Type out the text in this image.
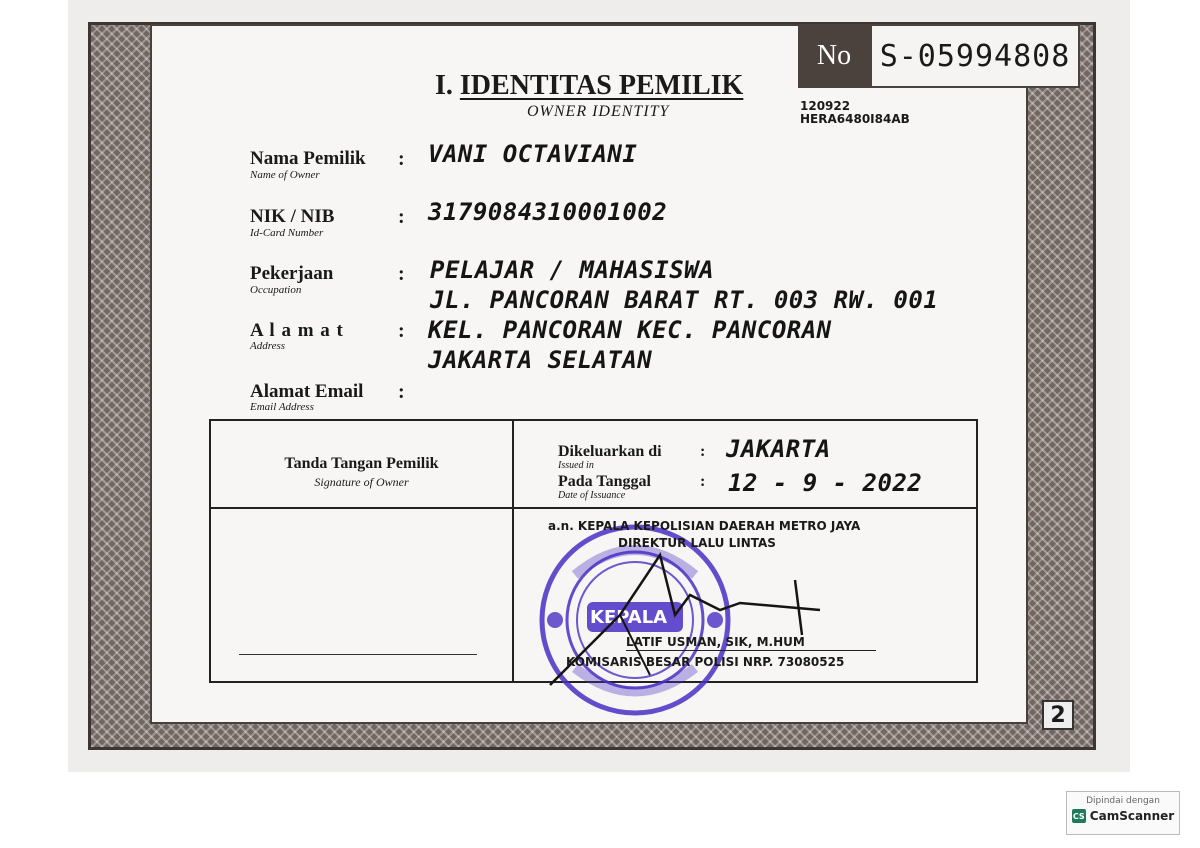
No S-05994808
I. IDENTITAS PEMILIK
OWNER IDENTITY	120922
HERA6480I84AB
Nama Pemilik
Name of Owner
: VANI OCTAVIANI
NIK / NIB
Id-Card Number
: 3179084310001002
Pekerjaan
Occupation
: PELAJAR / MAHASISWA
JL. PANCORAN BARAT RT. 003 RW. 001
A l a m a t
Address
: KEL. PANCORAN KEC. PANCORAN
JAKARTA SELATAN
Alamat Email
Email Address
:
Tanda Tangan Pemilik
Signature of Owner
Dikeluarkan di
Issued in
: JAKARTA
Pada Tanggal
Date of Issuance
: 12 - 9 - 2022
KEPALA
a.n. KEPALA KEPOLISIAN DAERAH METRO JAYA
DIREKTUR LALU LINTAS
LATIF USMAN, SIK, M.HUM
KOMISARIS BESAR POLISI NRP. 73080525
2
Dipindai dengan
CS CamScanner
